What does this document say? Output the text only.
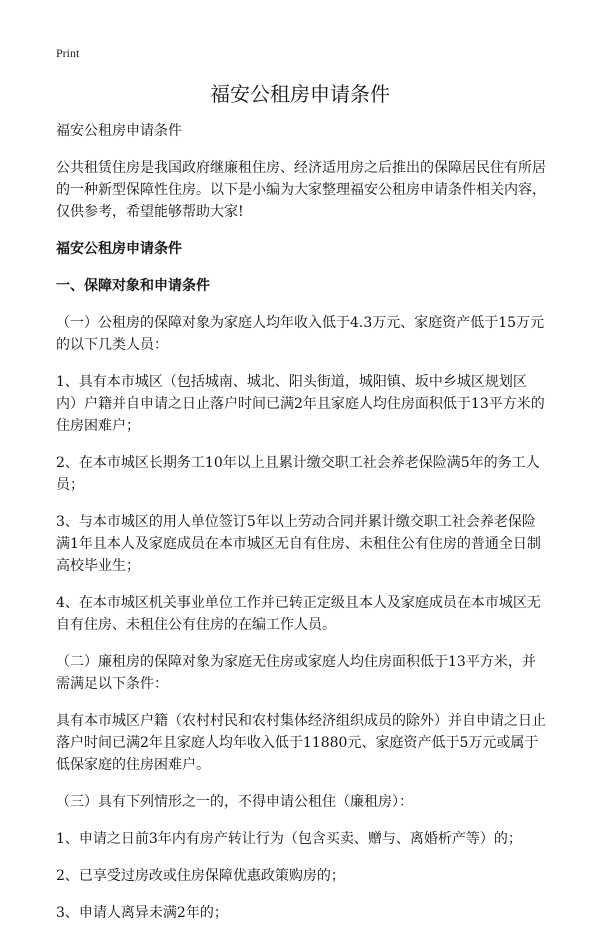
Print
福安公租房申请条件
福安公租房申请条件
公共租赁住房是我国政府继廉租住房、经济适用房之后推出的保障居民住有所居的一种新型保障性住房。以下是小编为大家整理福安公租房申请条件相关内容，仅供参考，希望能够帮助大家!
福安公租房申请条件
一、保障对象和申请条件
（一）公租房的保障对象为家庭人均年收入低于4.3万元、家庭资产低于15万元的以下几类人员：
1、具有本市城区（包括城南、城北、阳头街道，城阳镇、坂中乡城区规划区内）户籍并自申请之日止落户时间已满2年且家庭人均住房面积低于13平方米的住房困难户；
2、在本市城区长期务工10年以上且累计缴交职工社会养老保险满5年的务工人员；
3、与本市城区的用人单位签订5年以上劳动合同并累计缴交职工社会养老保险满1年且本人及家庭成员在本市城区无自有住房、未租住公有住房的普通全日制高校毕业生；
4、在本市城区机关事业单位工作并已转正定级且本人及家庭成员在本市城区无自有住房、未租住公有住房的在编工作人员。
（二）廉租房的保障对象为家庭无住房或家庭人均住房面积低于13平方米，并需满足以下条件：
具有本市城区户籍（农村村民和农村集体经济组织成员的除外）并自申请之日止落户时间已满2年且家庭人均年收入低于11880元、家庭资产低于5万元或属于低保家庭的住房困难户。
（三）具有下列情形之一的，不得申请公租住（廉租房）：
1、申请之日前3年内有房产转让行为（包含买卖、赠与、离婚析产等）的；
2、已享受过房改或住房保障优惠政策购房的；
3、申请人离异未满2年的；
